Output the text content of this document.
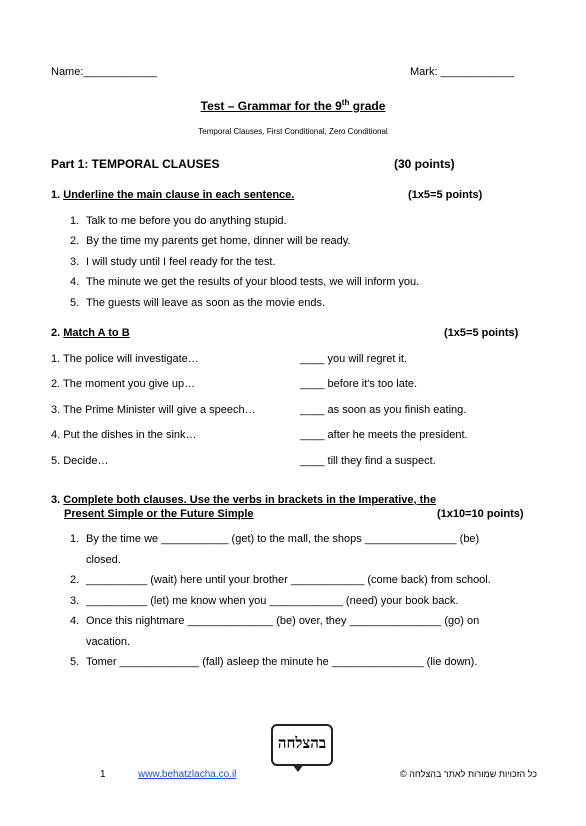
Name:____________	Mark: ____________
Test – Grammar for the 9th grade
Temporal Clauses, First Conditional, Zero Conditional
Part 1: TEMPORAL CLAUSES	(30 points)
1. Underline the main clause in each sentence.	(1x5=5 points)
1. Talk to me before you do anything stupid.
2. By the time my parents get home, dinner will be ready.
3. I will study until I feel ready for the test.
4. The minute we get the results of your blood tests, we will inform you.
5. The guests will leave as soon as the movie ends.
2. Match A to B	(1x5=5 points)
1. The police will investigate…	____ you will regret it.
2. The moment you give up…	____ before it's too late.
3. The Prime Minister will give a speech…	____ as soon as you finish eating.
4. Put the dishes in the sink…	____ after he meets the president.
5. Decide…	____ till they find a suspect.
3. Complete both clauses. Use the verbs in brackets in the Imperative, the
Present Simple or the Future Simple	(1x10=10 points)
1. By the time we ___________ (get) to the mall, the shops _______________ (be)
closed.
2. __________ (wait) here until your brother ____________ (come back) from school.
3. __________ (let) me know when you ____________ (need) your book back.
4. Once this nightmare ______________ (be) over, they _______________ (go) on
vacation.
5. Tomer _____________ (fall) asleep the minute he _______________ (lie down).
בהצלחה
1	www.behatzlacha.co.il	כל הזכויות שמורות לאתר בהצלחה ©
